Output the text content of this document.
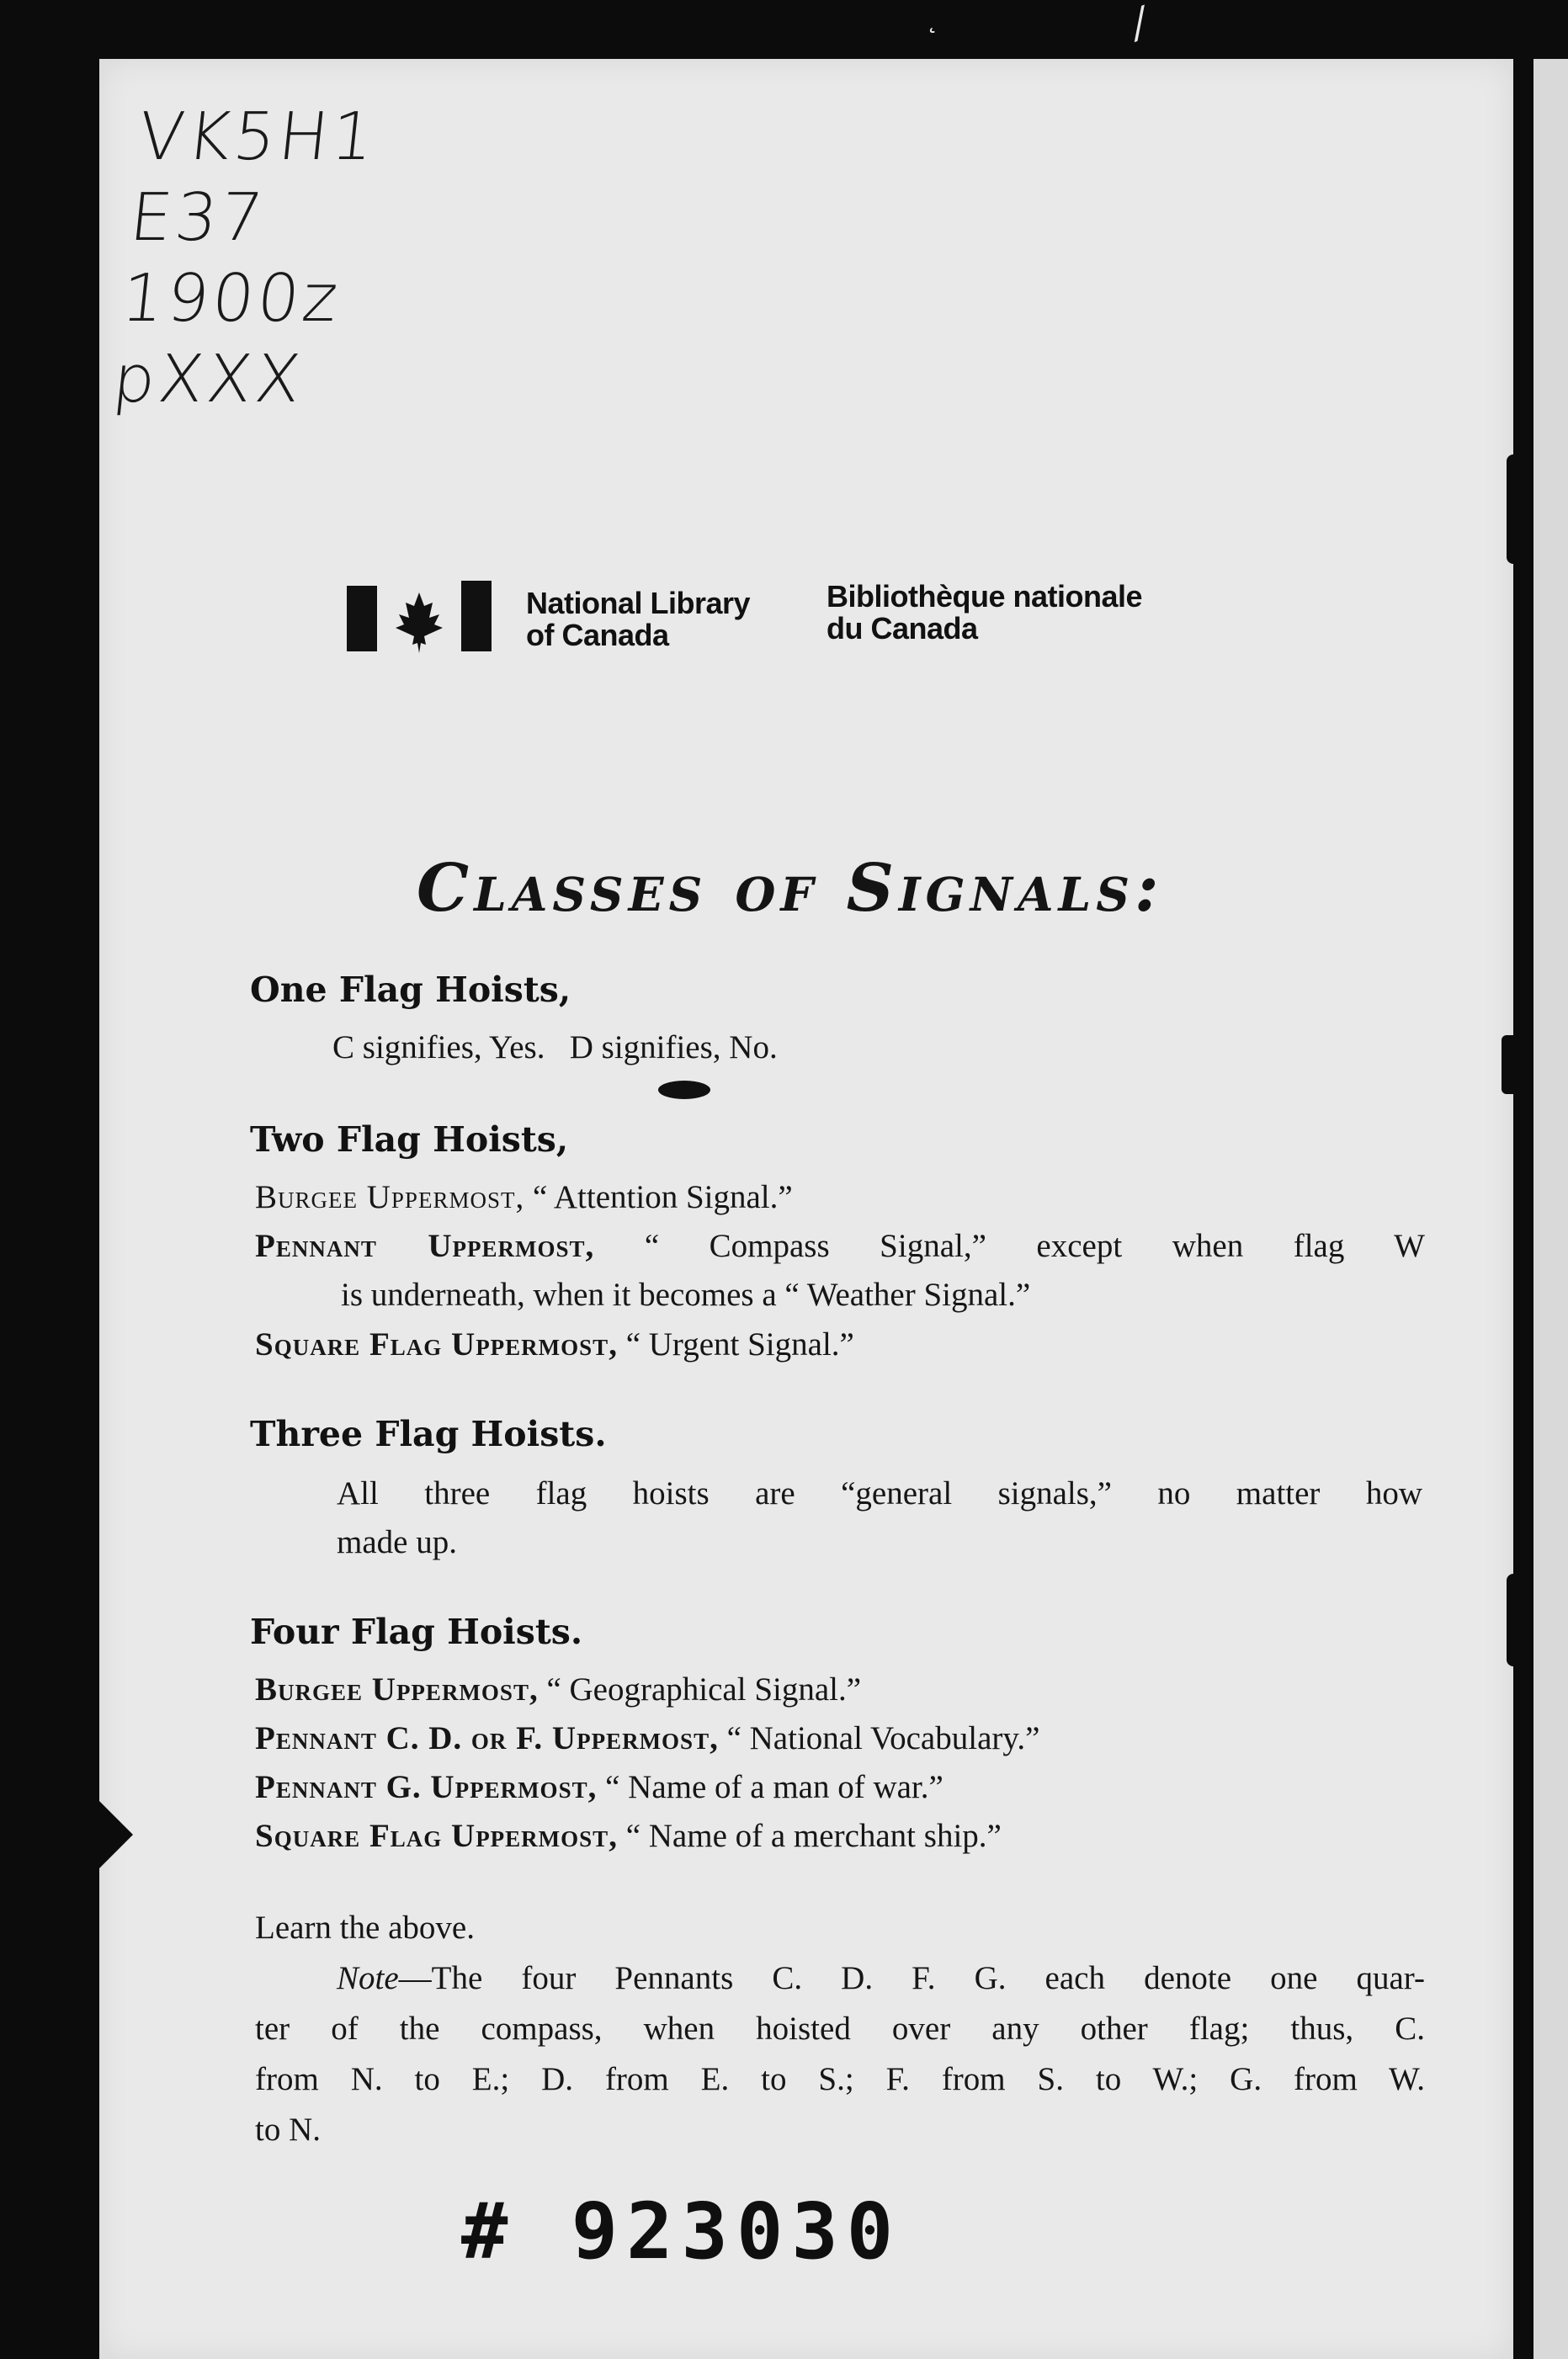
˛	⁄
VK5H1
E37
1900z
pXXX
National Library
of Canada
Bibliothèque nationale
du Canada
Classes of Signals:
One Flag Hoists,
C signifies, Yes.   D signifies, No.
Two Flag Hoists,
Burgee Uppermost, “ Attention Signal.”
Pennant Uppermost, “ Compass Signal,” except when flag W
is underneath, when it becomes a “ Weather Signal.”
Square Flag Uppermost, “ Urgent Signal.”
Three Flag Hoists.
All three flag hoists are “general signals,” no matter how
made up.
Four Flag Hoists.
Burgee Uppermost, “ Geographical Signal.”
Pennant C. D. or F. Uppermost, “ National Vocabulary.”
Pennant G. Uppermost, “ Name of a man of war.”
Square Flag Uppermost, “ Name of a merchant ship.”
Learn the above.
Note—The four Pennants C. D. F. G. each denote one quar-
ter of the compass, when hoisted over any other flag; thus, C.
from N. to E.; D. from E. to S.; F. from S. to W.; G. from W.
to N.
# 923030
